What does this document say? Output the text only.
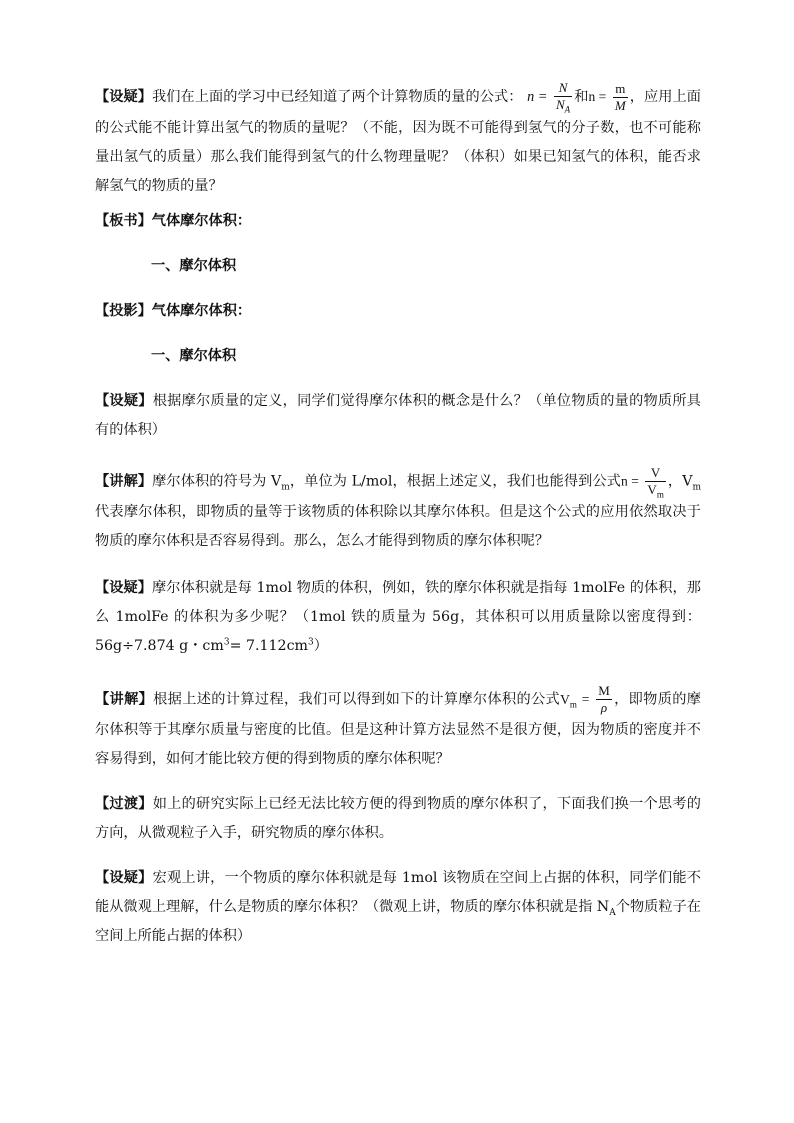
【设疑】我们在上面的学习中已经知道了两个计算物质的量的公式： $n = \frac{N}{N_A}$ 和$n = \frac{m}{M}$ ，应用上面的公式能不能计算出氢气的物质的量呢？（不能，因为既不可能得到氢气的分子数，也不可能称量出氢气的质量）那么我们能得到氢气的什么物理量呢？（体积）如果已知氢气的体积，能否求解氢气的物质的量？

【板书】气体摩尔体积：

一、摩尔体积

【投影】气体摩尔体积：

一、摩尔体积

【设疑】根据摩尔质量的定义，同学们觉得摩尔体积的概念是什么？（单位物质的量的物质所具有的体积）

【讲解】摩尔体积的符号为 $V_m$，单位为 L/mol，根据上述定义，我们也能得到公式$n = \frac{V}{V_m}$ ，$V_m$代表摩尔体积，即物质的量等于该物质的体积除以其摩尔体积。但是这个公式的应用依然取决于物质的摩尔体积是否容易得到。那么，怎么才能得到物质的摩尔体积呢？

【设疑】摩尔体积就是每 1mol 物质的体积，例如，铁的摩尔体积就是指每 1molFe 的体积，那么 1molFe 的体积为多少呢？（1mol 铁的质量为 56g，其体积可以用质量除以密度得到：56g÷7.874 g・$cm^3= 7.112cm^3$）

【讲解】根据上述的计算过程，我们可以得到如下的计算摩尔体积的公式$V_m = \frac{M}{\rho}$ ，即物质的摩尔体积等于其摩尔质量与密度的比值。但是这种计算方法显然不是很方便，因为物质的密度并不容易得到，如何才能比较方便的得到物质的摩尔体积呢？

【过渡】如上的研究实际上已经无法比较方便的得到物质的摩尔体积了，下面我们换一个思考的方向，从微观粒子入手，研究物质的摩尔体积。

【设疑】宏观上讲，一个物质的摩尔体积就是每 1mol 该物质在空间上占据的体积，同学们能不能从微观上理解，什么是物质的摩尔体积？（微观上讲，物质的摩尔体积就是指 $N_A$个物质粒子在空间上所能占据的体积）
